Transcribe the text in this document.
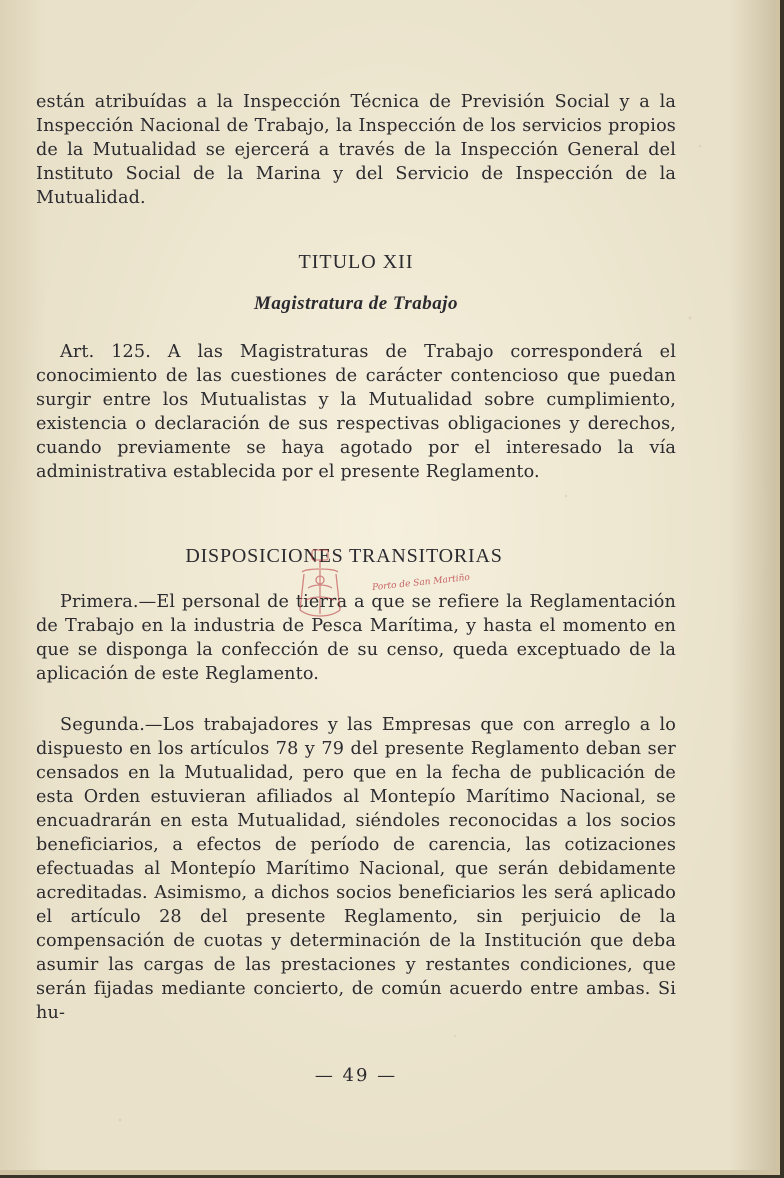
están atribuídas a la Inspección Técnica de Previsión Social y a la Inspección Nacional de Trabajo, la Inspección de los servicios propios de la Mutualidad se ejercerá a través de la Inspección General del Instituto Social de la Marina y del Servicio de Inspección de la Mutualidad.

TITULO XII
Magistratura de Trabajo

Art. 125. A las Magistraturas de Trabajo corresponderá el conocimiento de las cuestiones de carácter contencioso que puedan surgir entre los Mutualistas y la Mutualidad sobre cumplimiento, existencia o declaración de sus respectivas obligaciones y derechos, cuando previamente se haya agotado por el interesado la vía administrativa establecida por el presente Reglamento.

DISPOSICIONES TRANSITORIAS

Primera.—El personal de tierra a que se refiere la Reglamentación de Trabajo en la industria de Pesca Marítima, y hasta el momento en que se disponga la confección de su censo, queda exceptuado de la aplicación de este Reglamento.

Segunda.—Los trabajadores y las Empresas que con arreglo a lo dispuesto en los artículos 78 y 79 del presente Reglamento deban ser censados en la Mutualidad, pero que en la fecha de publicación de esta Orden estuvieran afiliados al Montepío Marítimo Nacional, se encuadrarán en esta Mutualidad, siéndoles reconocidas a los socios beneficiarios, a efectos de período de carencia, las cotizaciones efectuadas al Montepío Marítimo Nacional, que serán debidamente acreditadas. Asimismo, a dichos socios beneficiarios les será aplicado el artículo 28 del presente Reglamento, sin perjuicio de la compensación de cuotas y determinación de la Institución que deba asumir las cargas de las prestaciones y restantes condiciones, que serán fijadas mediante concierto, de común acuerdo entre ambas. Si hu-

— 49 —
Porto de San Martiño
